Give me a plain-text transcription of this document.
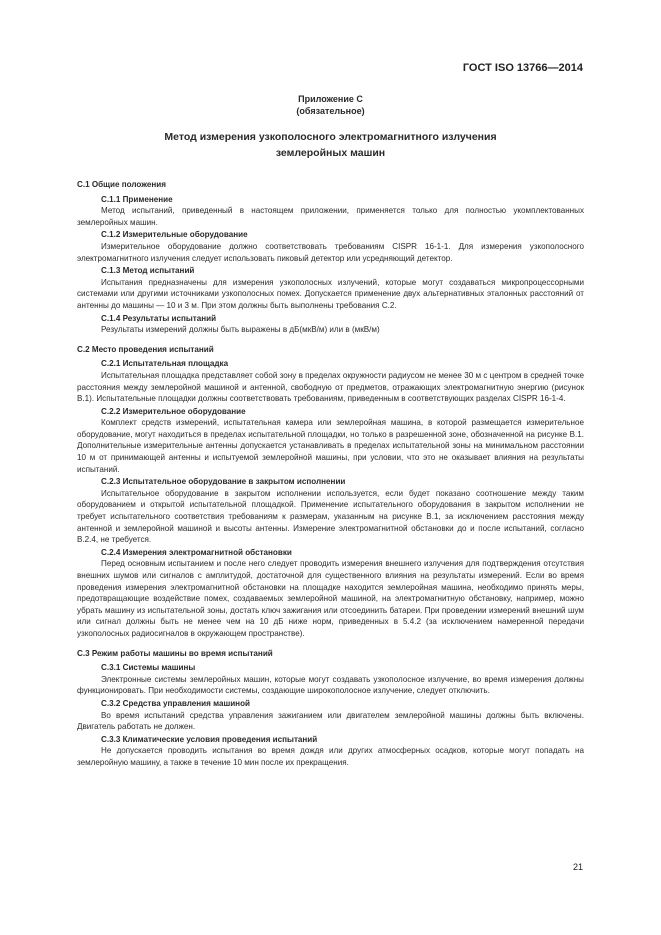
ГОСТ ISO 13766—2014
Приложение С
(обязательное)
Метод измерения узкополосного электромагнитного излучения
землеройных машин

С.1 Общие положения

С.1.1 Применение

Метод испытаний, приведенный в настоящем приложении, применяется только для полностью укомплектованных землеройных машин.

С.1.2 Измерительные оборудование

Измерительное оборудование должно соответствовать требованиям CISPR 16-1-1. Для измерения узкополосного электромагнитного излучения следует использовать пиковый детектор или усредняющий детектор.

С.1.3 Метод испытаний

Испытания предназначены для измерения узкополосных излучений, которые могут создаваться микропроцессорными системами или другими источниками узкополосных помех. Допускается применение двух альтернативных эталонных расстояний от антенны до машины — 10 и 3 м. При этом должны быть выполнены требования С.2.

С.1.4 Результаты испытаний

Результаты измерений должны быть выражены в дБ(мкВ/м) или в (мкВ/м)

С.2 Место проведения испытаний

С.2.1 Испытательная площадка

Испытательная площадка представляет собой зону в пределах окружности радиусом не менее 30 м с центром в средней точке расстояния между землеройной машиной и антенной, свободную от предметов, отражающих электромагнитную энергию (рисунок В.1). Испытательные площадки должны соответствовать требованиям, приведенным в соответствующих разделах CISPR 16-1-4.

С.2.2 Измерительное оборудование

Комплект средств измерений, испытательная камера или землеройная машина, в которой размещается измерительное оборудование, могут находиться в пределах испытательной площадки, но только в разрешенной зоне, обозначенной на рисунке В.1. Дополнительные измерительные антенны допускается устанавливать в пределах испытательной зоны на минимальном расстоянии 10 м от принимающей антенны и испытуемой землеройной машины, при условии, что это не оказывает влияния на результаты испытаний.

С.2.3 Испытательное оборудование в закрытом исполнении

Испытательное оборудование в закрытом исполнении используется, если будет показано соотношение между таким оборудованием и открытой испытательной площадкой. Применение испытательного оборудования в закрытом исполнении не требует испытательного соответствия требованиям к размерам, указанным на рисунке В.1, за исключением расстояния между антенной и землеройной машиной и высоты антенны. Измерение электромагнитной обстановки до и после испытаний, согласно В.2.4, не требуется.

С.2.4 Измерения электромагнитной обстановки

Перед основным испытанием и после него следует проводить измерения внешнего излучения для подтверждения отсутствия внешних шумов или сигналов с амплитудой, достаточной для существенного влияния на результаты измерений. Если во время проведения измерения электромагнитной обстановки на площадке находится землеройная машина, необходимо принять меры, предотвращающие воздействие помех, создаваемых землеройной машиной, на электромагнитную обстановку, например, можно убрать машину из испытательной зоны, достать ключ зажигания или отсоединить батареи. При проведении измерений внешний шум или сигнал должны быть не менее чем на 10 дБ ниже норм, приведенных в 5.4.2 (за исключением намеренной передачи узкополосных радиосигналов в окружающем пространстве).

С.3 Режим работы машины во время испытаний

С.3.1 Системы машины

Электронные системы землеройных машин, которые могут создавать узкополосное излучение, во время измерения должны функционировать. При необходимости системы, создающие широкополосное излучение, следует отключить.

С.3.2 Средства управления машиной

Во время испытаний средства управления зажиганием или двигателем землеройной машины должны быть включены. Двигатель работать не должен.

С.3.3 Климатические условия проведения испытаний

Не допускается проводить испытания во время дождя или других атмосферных осадков, которые могут попадать на землеройную машину, а также в течение 10 мин после их прекращения.

21
